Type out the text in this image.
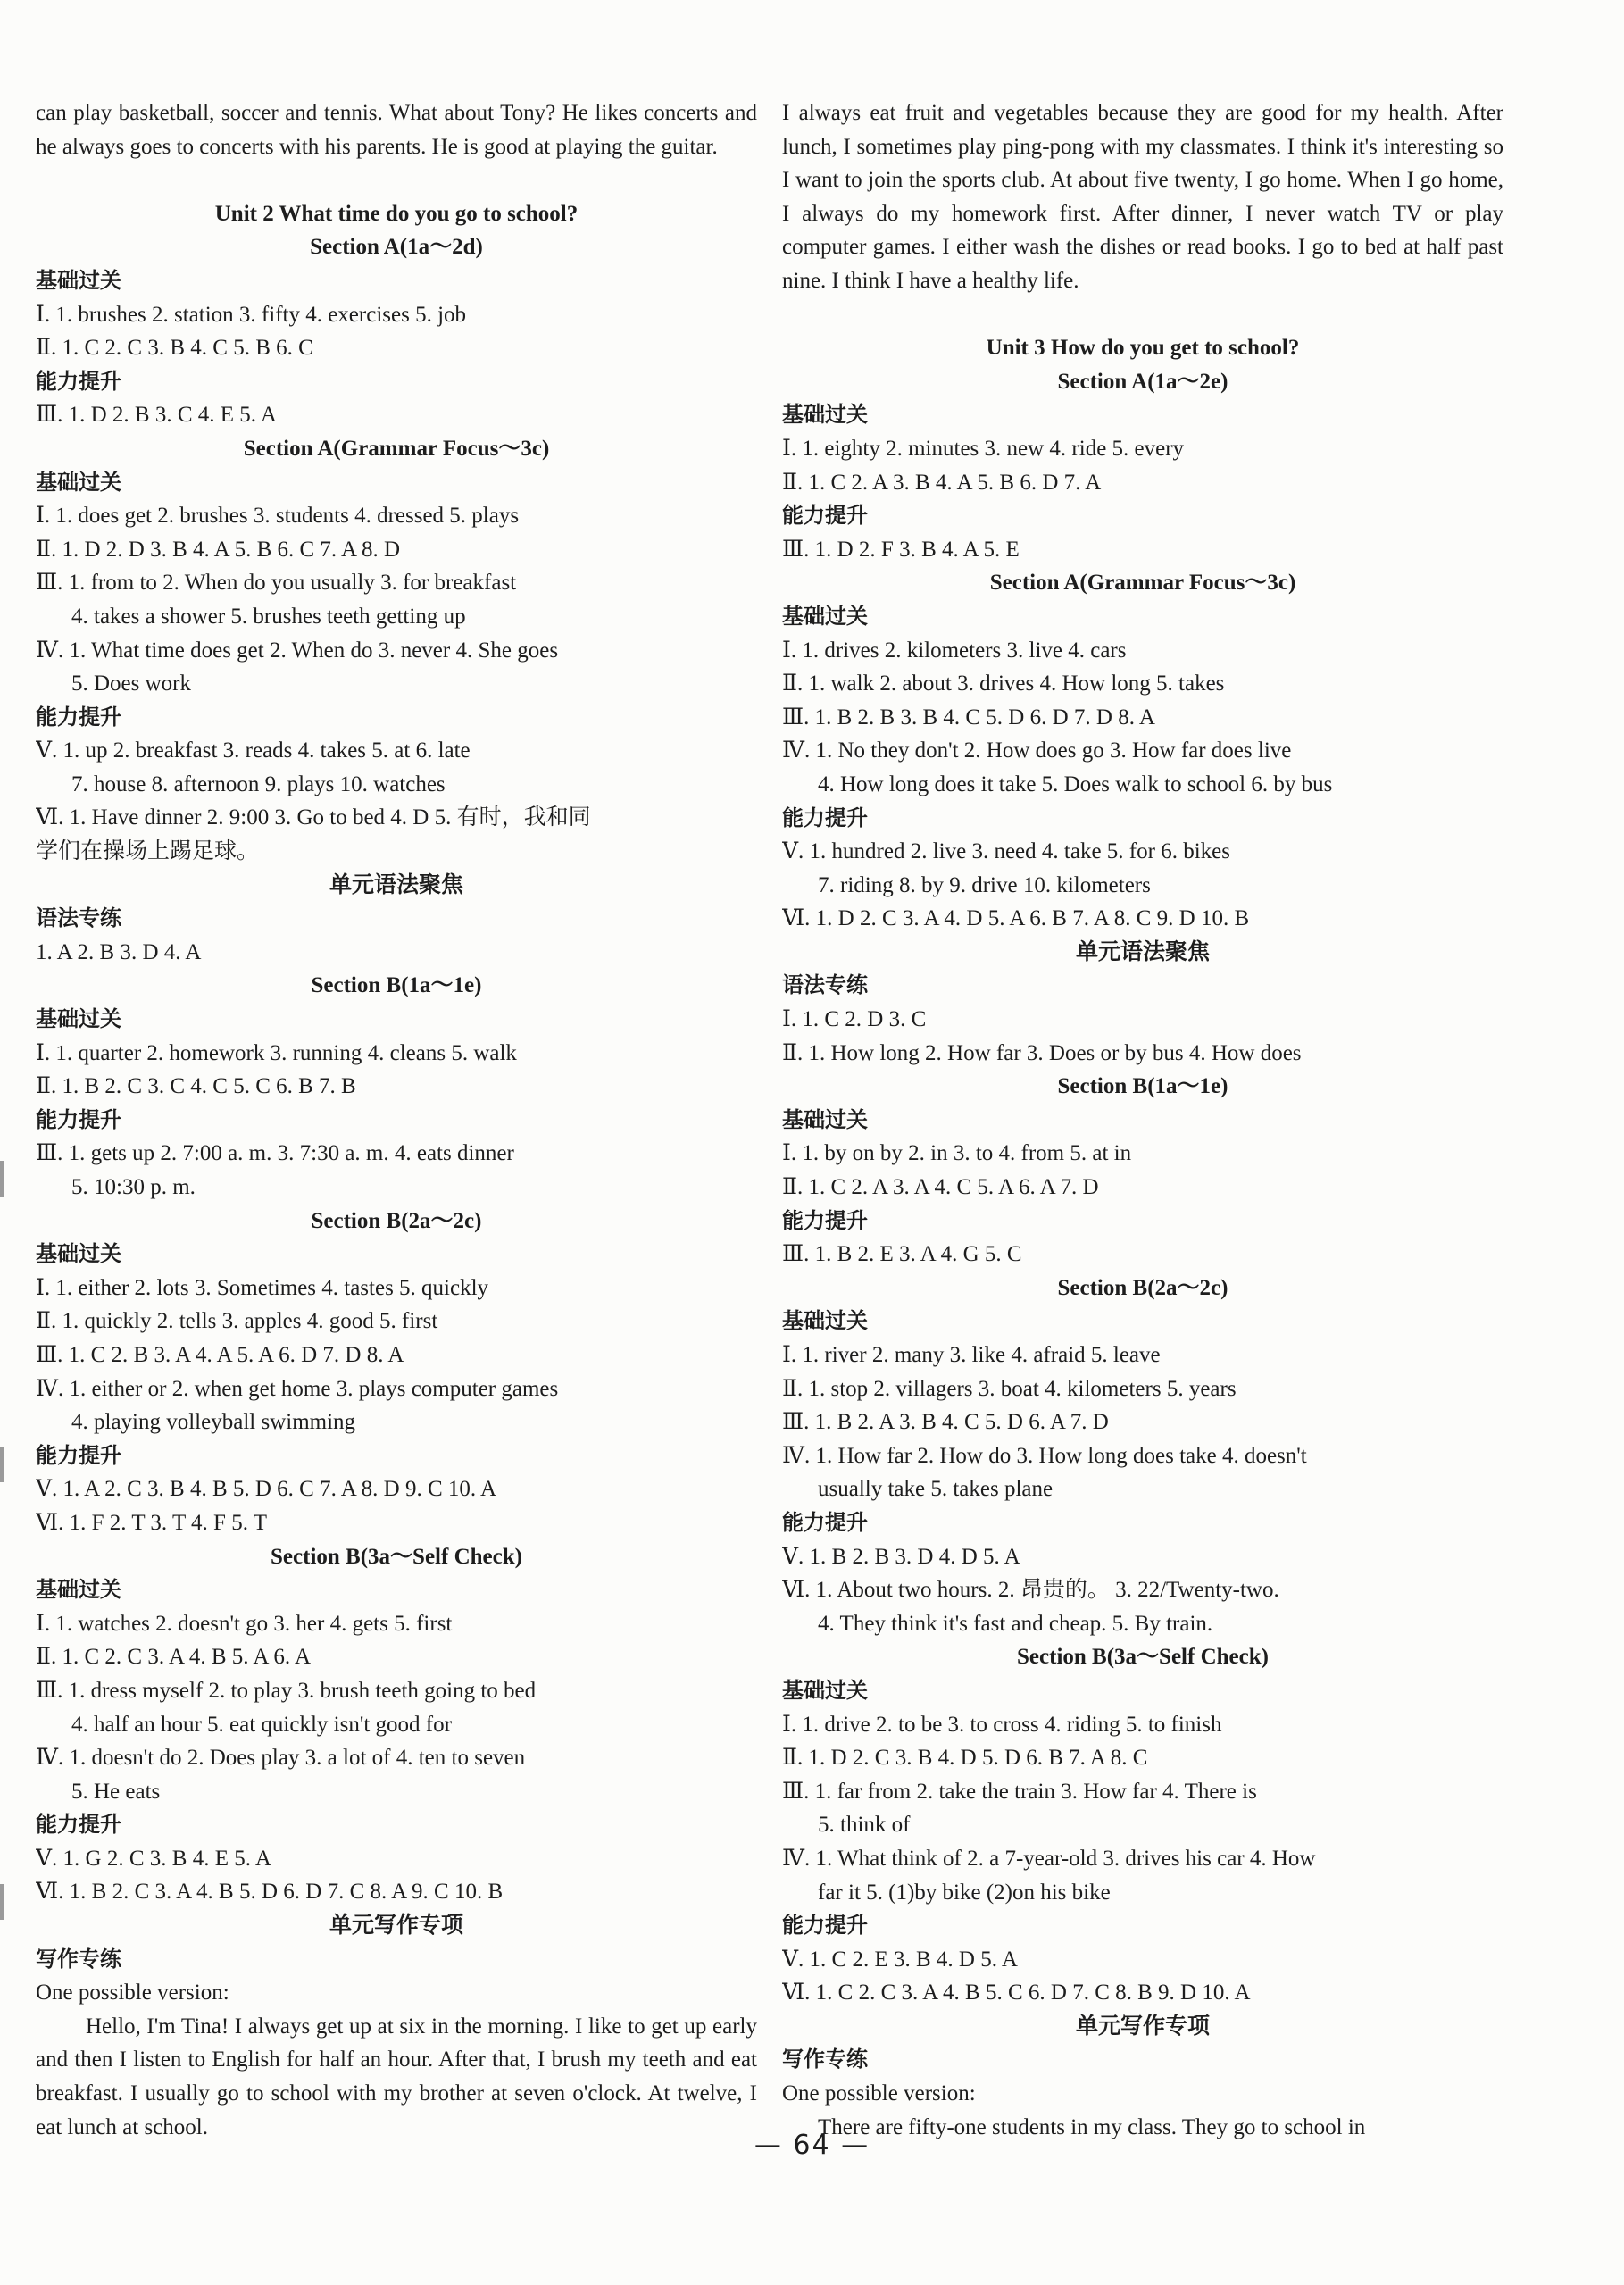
can play basketball, soccer and tennis. What about Tony? He likes concerts and he always goes to concerts with his parents. He is good at playing the guitar.
Unit 2 What time do you go to school?
Section A(1a～2d)
基础过关
Ⅰ. 1. brushes 2. station 3. fifty 4. exercises 5. job
Ⅱ. 1. C 2. C 3. B 4. C 5. B 6. C
能力提升
Ⅲ. 1. D 2. B 3. C 4. E 5. A
Section A(Grammar Focus～3c)
基础过关
Ⅰ. 1. does get 2. brushes 3. students 4. dressed 5. plays
Ⅱ. 1. D 2. D 3. B 4. A 5. B 6. C 7. A 8. D
Ⅲ. 1. from to 2. When do you usually 3. for breakfast
4. takes a shower 5. brushes teeth getting up
Ⅳ. 1. What time does get 2. When do 3. never 4. She goes
5. Does work
能力提升
Ⅴ. 1. up 2. breakfast 3. reads 4. takes 5. at 6. late
7. house 8. afternoon 9. plays 10. watches
Ⅵ. 1. Have dinner 2. 9:00 3. Go to bed 4. D 5. 有时，我和同
学们在操场上踢足球。
单元语法聚焦
语法专练
1. A 2. B 3. D 4. A
Section B(1a～1e)
基础过关
Ⅰ. 1. quarter 2. homework 3. running 4. cleans 5. walk
Ⅱ. 1. B 2. C 3. C 4. C 5. C 6. B 7. B
能力提升
Ⅲ. 1. gets up 2. 7:00 a. m. 3. 7:30 a. m. 4. eats dinner
5. 10:30 p. m.
Section B(2a～2c)
基础过关
Ⅰ. 1. either 2. lots 3. Sometimes 4. tastes 5. quickly
Ⅱ. 1. quickly 2. tells 3. apples 4. good 5. first
Ⅲ. 1. C 2. B 3. A 4. A 5. A 6. D 7. D 8. A
Ⅳ. 1. either or 2. when get home 3. plays computer games
4. playing volleyball swimming
能力提升
Ⅴ. 1. A 2. C 3. B 4. B 5. D 6. C 7. A 8. D 9. C 10. A
Ⅵ. 1. F 2. T 3. T 4. F 5. T
Section B(3a～Self Check)
基础过关
Ⅰ. 1. watches 2. doesn't go 3. her 4. gets 5. first
Ⅱ. 1. C 2. C 3. A 4. B 5. A 6. A
Ⅲ. 1. dress myself 2. to play 3. brush teeth going to bed
4. half an hour 5. eat quickly isn't good for
Ⅳ. 1. doesn't do 2. Does play 3. a lot of 4. ten to seven
5. He eats
能力提升
Ⅴ. 1. G 2. C 3. B 4. E 5. A
Ⅵ. 1. B 2. C 3. A 4. B 5. D 6. D 7. C 8. A 9. C 10. B
单元写作专项
写作专练
One possible version:
Hello, I'm Tina! I always get up at six in the morning. I like to get up early and then I listen to English for half an hour. After that, I brush my teeth and eat breakfast. I usually go to school with my brother at seven o'clock. At twelve, I eat lunch at school.
I always eat fruit and vegetables because they are good for my health. After lunch, I sometimes play ping-pong with my classmates. I think it's interesting so I want to join the sports club. At about five twenty, I go home. When I go home, I always do my homework first. After dinner, I never watch TV or play computer games. I either wash the dishes or read books. I go to bed at half past nine. I think I have a healthy life.
Unit 3 How do you get to school?
Section A(1a～2e)
基础过关
Ⅰ. 1. eighty 2. minutes 3. new 4. ride 5. every
Ⅱ. 1. C 2. A 3. B 4. A 5. B 6. D 7. A
能力提升
Ⅲ. 1. D 2. F 3. B 4. A 5. E
Section A(Grammar Focus～3c)
基础过关
Ⅰ. 1. drives 2. kilometers 3. live 4. cars
Ⅱ. 1. walk 2. about 3. drives 4. How long 5. takes
Ⅲ. 1. B 2. B 3. B 4. C 5. D 6. D 7. D 8. A
Ⅳ. 1. No they don't 2. How does go 3. How far does live
4. How long does it take 5. Does walk to school 6. by bus
能力提升
Ⅴ. 1. hundred 2. live 3. need 4. take 5. for 6. bikes
7. riding 8. by 9. drive 10. kilometers
Ⅵ. 1. D 2. C 3. A 4. D 5. A 6. B 7. A 8. C 9. D 10. B
单元语法聚焦
语法专练
Ⅰ. 1. C 2. D 3. C
Ⅱ. 1. How long 2. How far 3. Does or by bus 4. How does
Section B(1a～1e)
基础过关
Ⅰ. 1. by on by 2. in 3. to 4. from 5. at in
Ⅱ. 1. C 2. A 3. A 4. C 5. A 6. A 7. D
能力提升
Ⅲ. 1. B 2. E 3. A 4. G 5. C
Section B(2a～2c)
基础过关
Ⅰ. 1. river 2. many 3. like 4. afraid 5. leave
Ⅱ. 1. stop 2. villagers 3. boat 4. kilometers 5. years
Ⅲ. 1. B 2. A 3. B 4. C 5. D 6. A 7. D
Ⅳ. 1. How far 2. How do 3. How long does take 4. doesn't
usually take 5. takes plane
能力提升
Ⅴ. 1. B 2. B 3. D 4. D 5. A
Ⅵ. 1. About two hours. 2. 昂贵的。 3. 22/Twenty-two.
4. They think it's fast and cheap. 5. By train.
Section B(3a～Self Check)
基础过关
Ⅰ. 1. drive 2. to be 3. to cross 4. riding 5. to finish
Ⅱ. 1. D 2. C 3. B 4. D 5. D 6. B 7. A 8. C
Ⅲ. 1. far from 2. take the train 3. How far 4. There is
5. think of
Ⅳ. 1. What think of 2. a 7-year-old 3. drives his car 4. How
far it 5. (1)by bike (2)on his bike
能力提升
Ⅴ. 1. C 2. E 3. B 4. D 5. A
Ⅵ. 1. C 2. C 3. A 4. B 5. C 6. D 7. C 8. B 9. D 10. A
单元写作专项
写作专练
One possible version:
There are fifty-one students in my class. They go to school in
— 64 —
